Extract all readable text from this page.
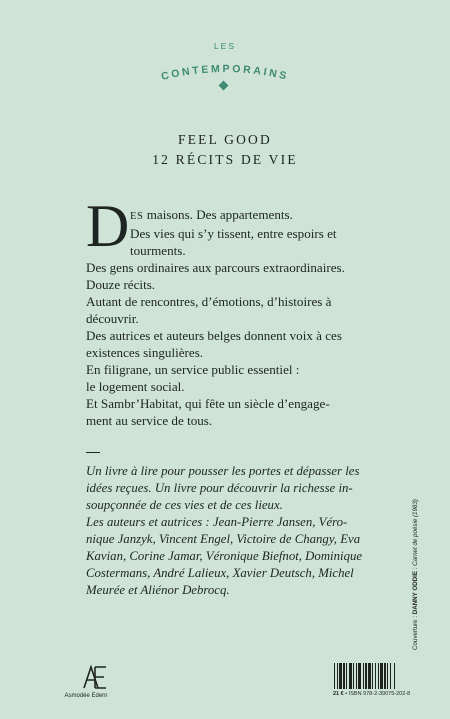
LES
CONTEMPORAINS
FEEL GOOD
12 RÉCITS DE VIE
D ES maisons. Des appartements.
Des vies qui s’y tissent, entre espoirs et
tourments.
Des gens ordinaires aux parcours extraordinaires.
Douze récits.
Autant de rencontres, d’émotions, d’histoires à
découvrir.
Des autrices et auteurs belges donnent voix à ces
existences singulières.
En filigrane, un service public essentiel :
le logement social.
Et Sambr’Habitat, qui fête un siècle d’engage-
ment au service de tous.
Un livre à lire pour pousser les portes et dépasser les
idées reçues. Un livre pour découvrir la richesse in-
soupçonnée de ces vies et de ces lieux.
Les auteurs et autrices : Jean-Pierre Jansen, Véro-
nique Janzyk, Vincent Engel, Victoire de Changy, Eva
Kavian, Corine Jamar, Véronique Biefnot, Dominique
Costermans, André Lalieux, Xavier Deutsch, Michel
Meurée et Aliénor Debrocq.
Couverture : DANNY ODDIE : Carnet de poésie (1983)
Asmodée Edern	21 € • ISBN 978-2-39075-202-8
